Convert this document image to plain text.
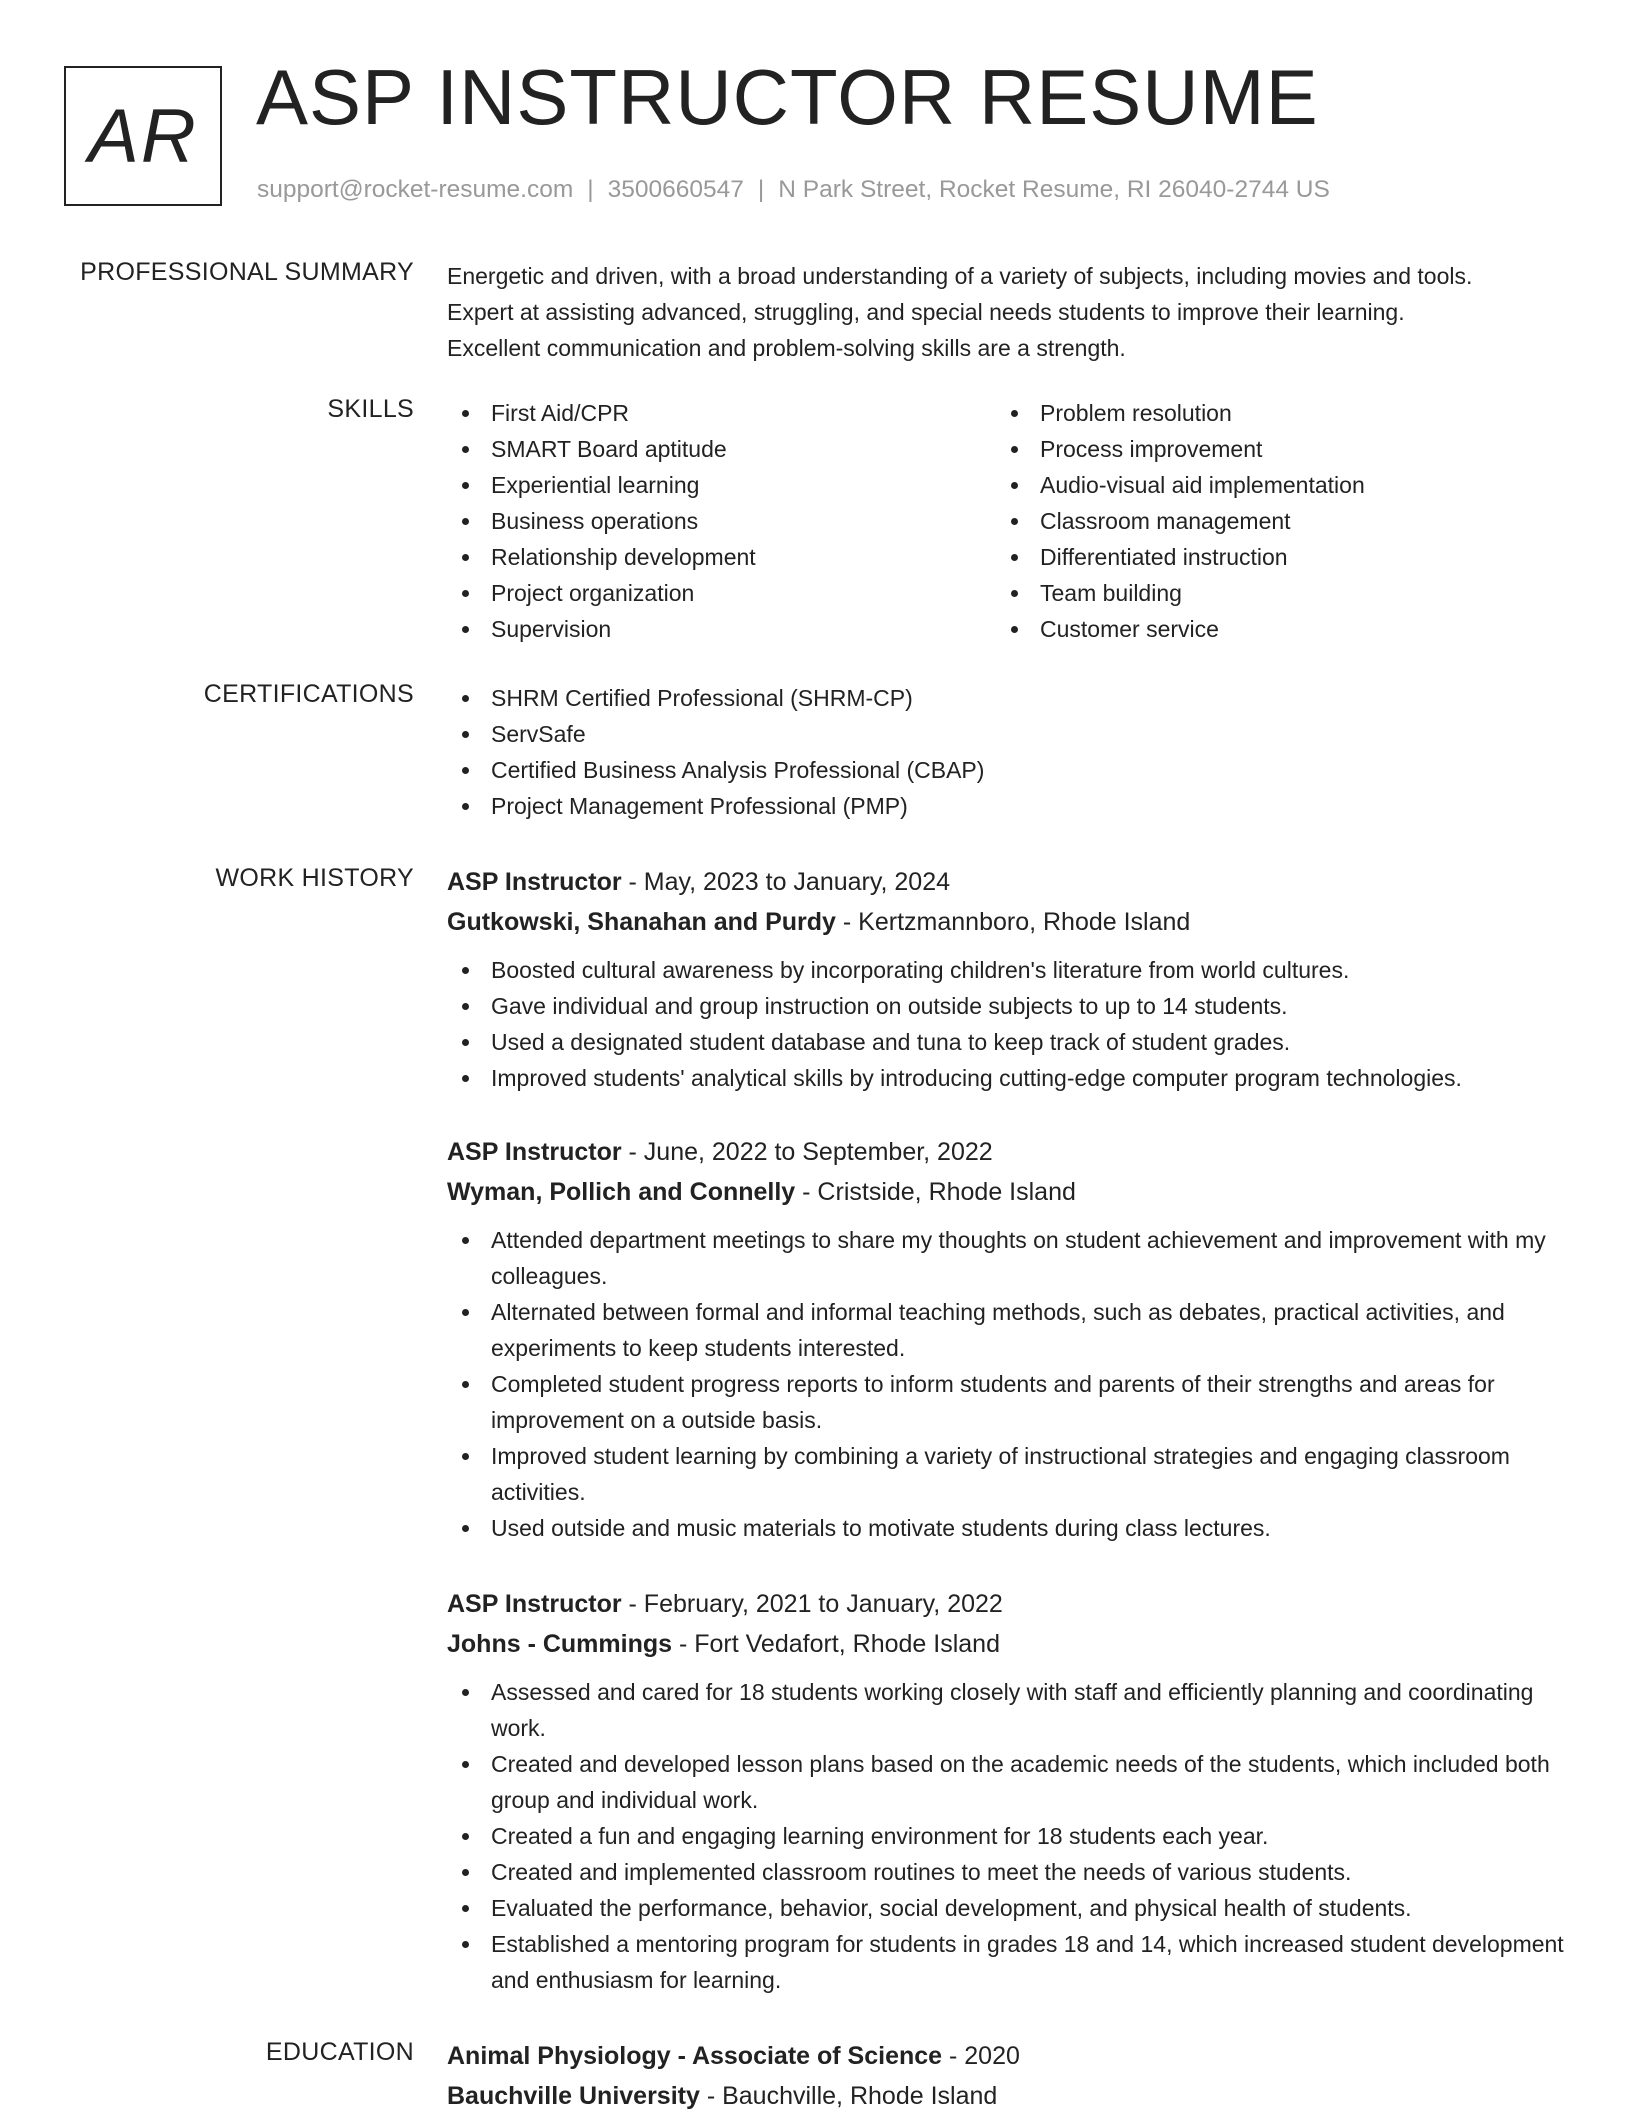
AR ASP INSTRUCTOR RESUME
support@rocket-resume.com | 3500660547 | N Park Street, Rocket Resume, RI 26040-2744 US
PROFESSIONAL SUMMARY Energetic and driven, with a broad understanding of a variety of subjects, including movies and tools.

Expert at assisting advanced, struggling, and special needs students to improve their learning.

Excellent communication and problem-solving skills are a strength.

SKILLS	First Aid/CPR
SMART Board aptitude
Experiential learning
Business operations
Relationship development
Project organization
Supervision
Problem resolution
Process improvement
Audio-visual aid implementation
Classroom management
Differentiated instruction
Team building
Customer service
CERTIFICATIONS	SHRM Certified Professional (SHRM-CP)
ServSafe
Certified Business Analysis Professional (CBAP)
Project Management Professional (PMP)
WORK HISTORY ASP Instructor - May, 2023 to January, 2024
Gutkowski, Shanahan and Purdy - Kertzmannboro, Rhode Island
Boosted cultural awareness by incorporating children's literature from world cultures.
Gave individual and group instruction on outside subjects to up to 14 students.
Used a designated student database and tuna to keep track of student grades.
Improved students' analytical skills by introducing cutting-edge computer program technologies.
ASP Instructor - June, 2022 to September, 2022
Wyman, Pollich and Connelly - Cristside, Rhode Island
Attended department meetings to share my thoughts on student achievement and improvement with my colleagues.
Alternated between formal and informal teaching methods, such as debates, practical activities, and experiments to keep students interested.
Completed student progress reports to inform students and parents of their strengths and areas for improvement on a outside basis.
Improved student learning by combining a variety of instructional strategies and engaging classroom activities.
Used outside and music materials to motivate students during class lectures.
ASP Instructor - February, 2021 to January, 2022
Johns - Cummings - Fort Vedafort, Rhode Island
Assessed and cared for 18 students working closely with staff and efficiently planning and coordinating work.
Created and developed lesson plans based on the academic needs of the students, which included both group and individual work.
Created a fun and engaging learning environment for 18 students each year.
Created and implemented classroom routines to meet the needs of various students.
Evaluated the performance, behavior, social development, and physical health of students.
Established a mentoring program for students in grades 18 and 14, which increased student development and enthusiasm for learning.
EDUCATION Animal Physiology - Associate of Science - 2020
Bauchville University - Bauchville, Rhode Island
